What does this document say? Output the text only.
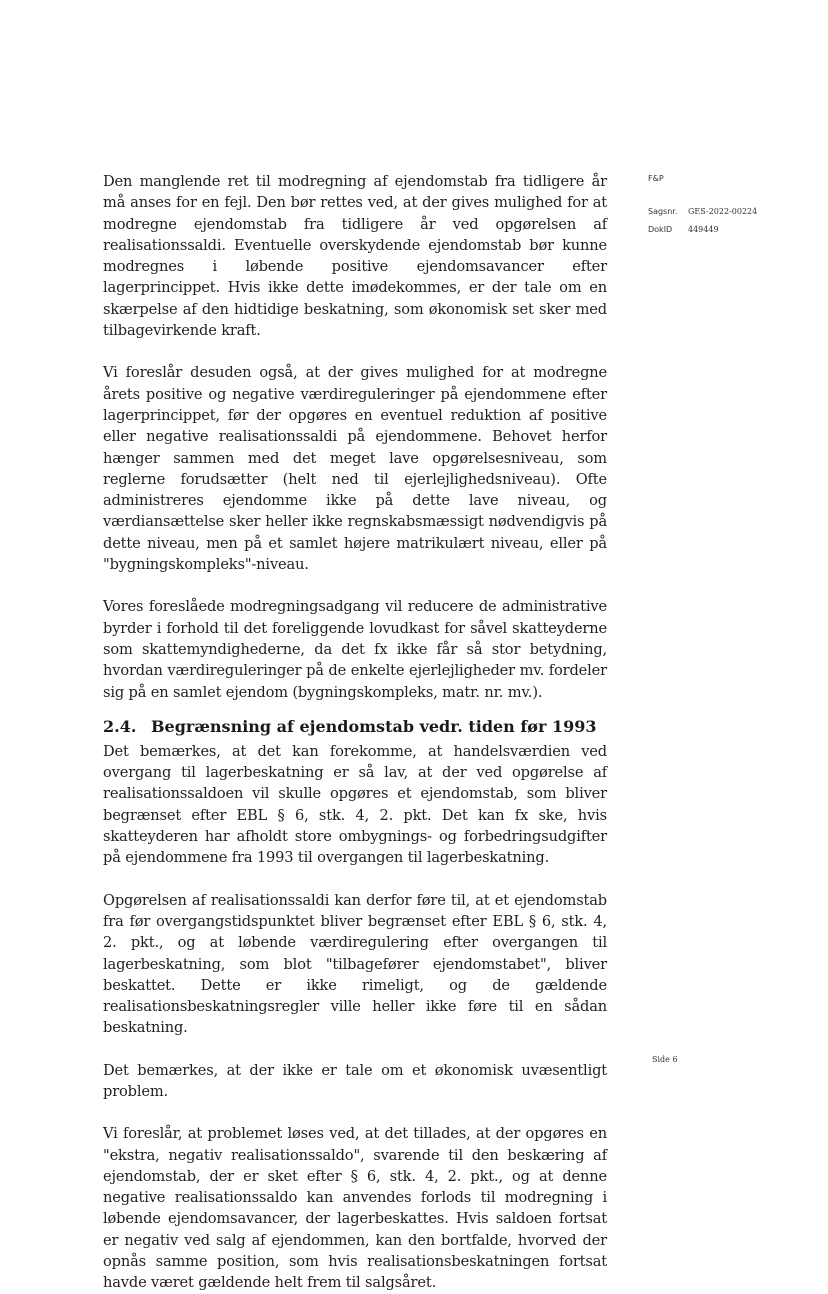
Den manglende ret til modregning af ejendomstab fra tidligere år må anses for en fejl. Den bør rettes ved, at der gives mulighed for at modregne ejendomstab fra tidligere år ved opgørelsen af realisationssaldi. Eventuelle overskydende ejendomstab bør kunne modregnes i løbende positive ejendomsavancer efter lagerprincippet. Hvis ikke dette imødekommes, er der tale om en skærpelse af den hidtidige beskatning, som økonomisk set sker med tilbagevirkende kraft.

Vi foreslår desuden også, at der gives mulighed for at modregne årets positive og negative værdireguleringer på ejendommene efter lagerprincippet, før der opgøres en eventuel reduktion af positive eller negative realisationssaldi på ejendommene. Behovet herfor hænger sammen med det meget lave opgørelsesniveau, som reglerne forudsætter (helt ned til ejerlejlighedsniveau). Ofte administreres ejendomme ikke på dette lave niveau, og værdiansættelse sker heller ikke regnskabsmæssigt nødvendigvis på dette niveau, men på et samlet højere matrikulært niveau, eller på "bygningskompleks"-niveau.

Vores foreslåede modregningsadgang vil reducere de administrative byrder i forhold til det foreliggende lovudkast for såvel skatteyderne som skattemyndighederne, da det fx ikke får så stor betydning, hvordan værdireguleringer på de enkelte ejerlejligheder mv. fordeler sig på en samlet ejendom (bygningskompleks, matr. nr. mv.).

2.4. Begrænsning af ejendomstab vedr. tiden før 1993

Det bemærkes, at det kan forekomme, at handelsværdien ved overgang til lagerbeskatning er så lav, at der ved opgørelse af realisationssaldoen vil skulle opgøres et ejendomstab, som bliver begrænset efter EBL § 6, stk. 4, 2. pkt. Det kan fx ske, hvis skatteyderen har afholdt store ombygnings- og forbedringsudgifter på ejendommene fra 1993 til overgangen til lagerbeskatning.

Opgørelsen af realisationssaldi kan derfor føre til, at et ejendomstab fra før overgangstidspunktet bliver begrænset efter EBL § 6, stk. 4, 2. pkt., og at løbende værdiregulering efter overgangen til lagerbeskatning, som blot "tilbagefører ejendomstabet", bliver beskattet. Dette er ikke rimeligt, og de gældende realisationsbeskatningsregler ville heller ikke føre til en sådan beskatning.

Det bemærkes, at der ikke er tale om et økonomisk uvæsentligt problem.

Vi foreslår, at problemet løses ved, at det tillades, at der opgøres en "ekstra, negativ realisationssaldo", svarende til den beskæring af ejendomstab, der er sket efter § 6, stk. 4, 2. pkt., og at denne negative realisationssaldo kan anvendes forlods til modregning i løbende ejendomsavancer, der lagerbeskattes. Hvis saldoen fortsat er negativ ved salg af ejendommen, kan den bortfalde, hvorved der opnås samme position, som hvis realisationsbeskatningen fortsat havde været gældende helt frem til salgsåret.

F&P
Sagsnr.	GES-2022-00224
DokID	449449
Side 6
